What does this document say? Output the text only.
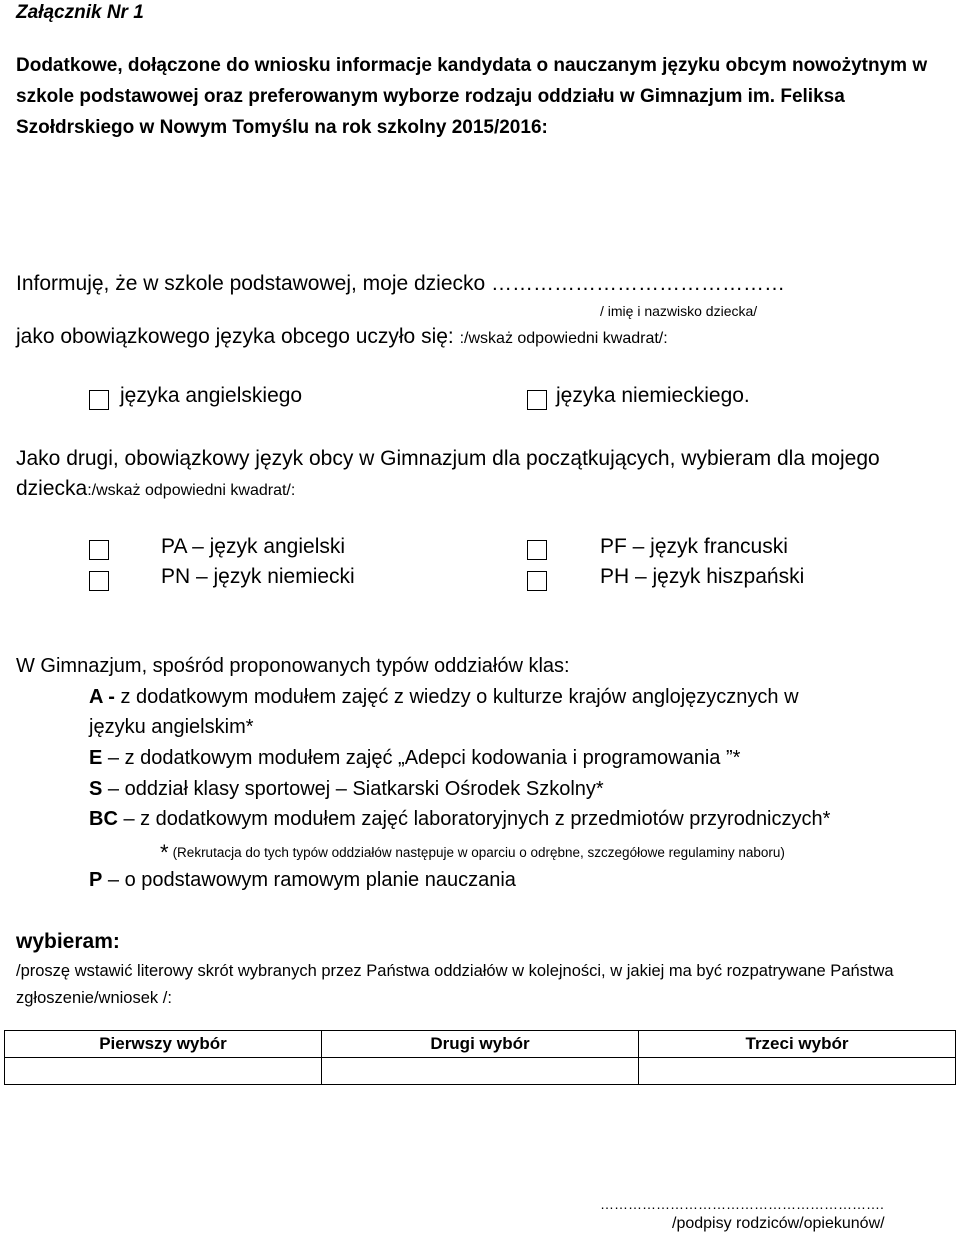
Załącznik Nr 1
Dodatkowe, dołączone do wniosku informacje kandydata o nauczanym języku obcym nowożytnym w szkole podstawowej oraz preferowanym wyborze rodzaju oddziału w Gimnazjum im. Feliksa Szołdrskiego w Nowym Tomyślu na rok szkolny 2015/2016:
Informuję, że w szkole podstawowej, moje dziecko ……………………………………
/ imię i nazwisko dziecka/
jako obowiązkowego języka obcego uczyło się: :/wskaż odpowiedni kwadrat/:
języka angielskiego	języka niemieckiego.
Jako drugi, obowiązkowy język obcy w Gimnazjum dla początkujących, wybieram dla mojego dziecka:/wskaż odpowiedni kwadrat/:
PA – język angielski	PF – język francuski
PN – język niemiecki	PH – język hiszpański
W Gimnazjum, spośród proponowanych typów oddziałów klas:
A - z dodatkowym modułem zajęć z wiedzy o kulturze krajów anglojęzycznych w
języku angielskim*
E – z dodatkowym modułem zajęć „Adepci kodowania i programowania ”*
S – oddział klasy sportowej – Siatkarski Ośrodek Szkolny*
BC – z dodatkowym modułem zajęć laboratoryjnych z przedmiotów przyrodniczych*
* (Rekrutacja do tych typów oddziałów następuje w oparciu o odrębne, szczegółowe regulaminy naboru)
P – o podstawowym ramowym planie nauczania
wybieram:
/proszę wstawić literowy skrót wybranych przez Państwa oddziałów w kolejności, w jakiej ma być rozpatrywane Państwa zgłoszenie/wniosek /:
Pierwszy wybór	Drugi wybór	Trzeci wybór

…………………………………………………….
/podpisy rodziców/opiekunów/
